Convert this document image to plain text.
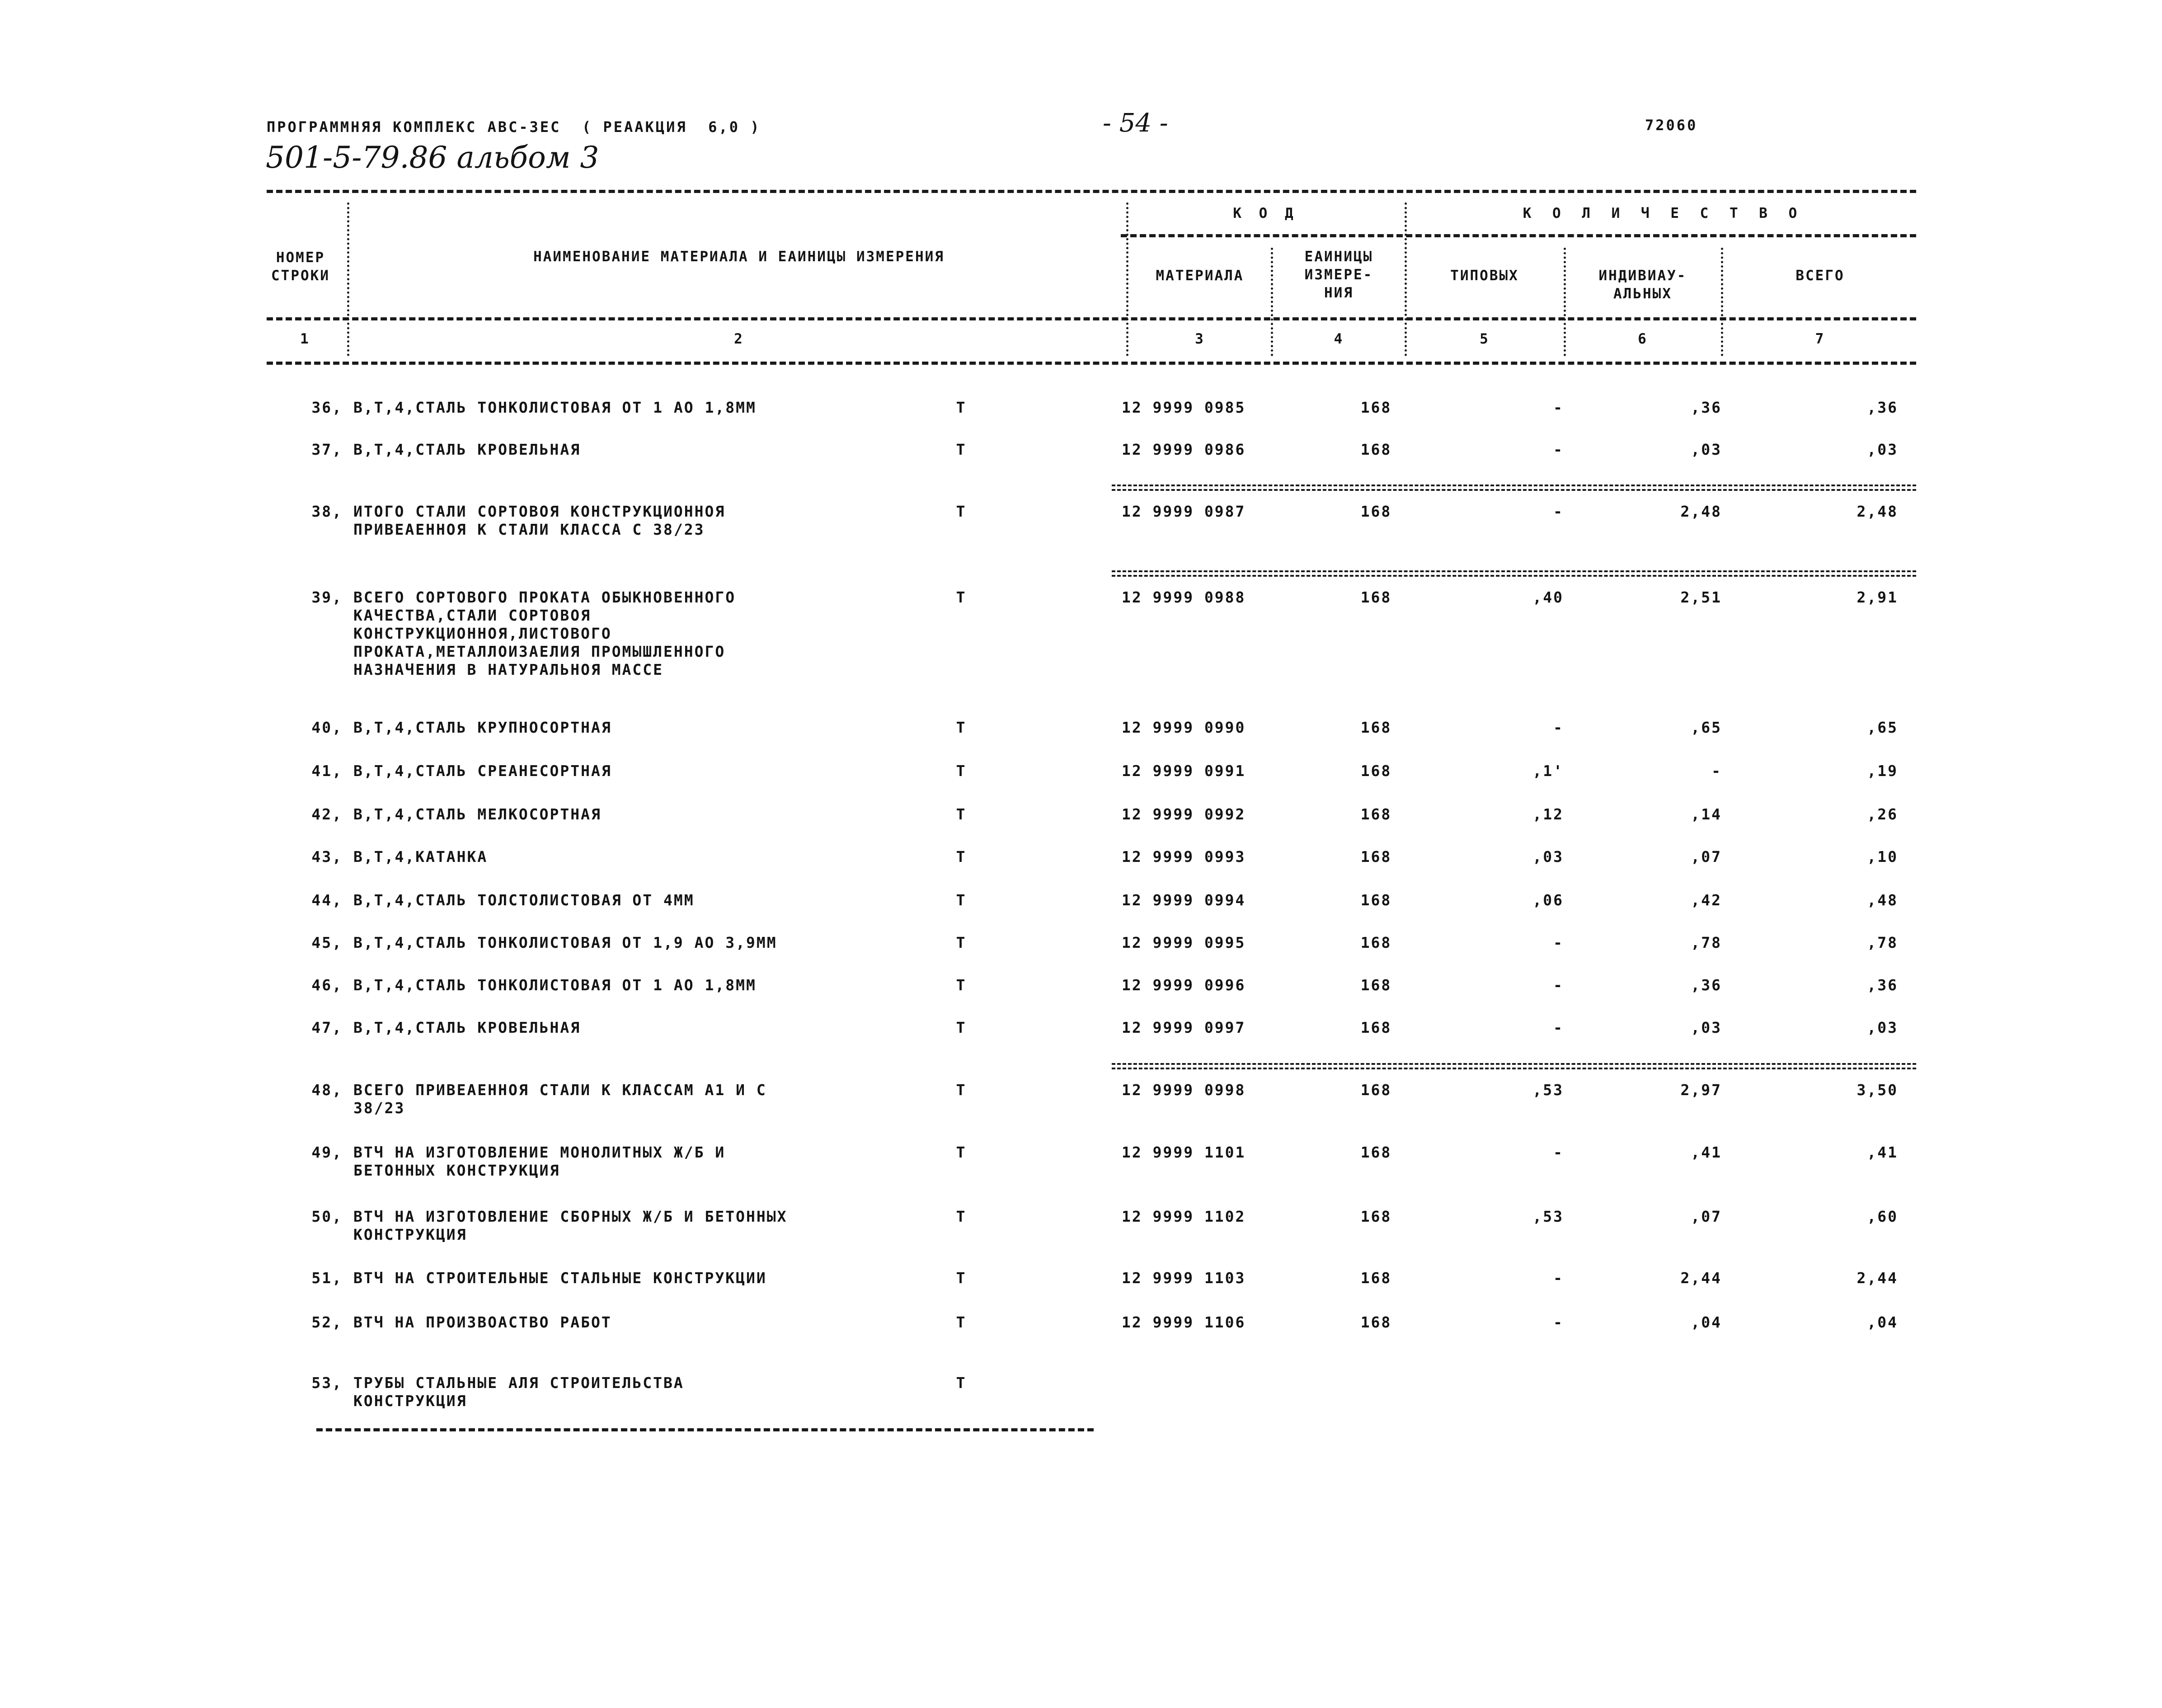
ПРОГРАММНЯЯ КОМПЛЕКС АВС-ЗЕС  ( РЕААКЦИЯ  6,0 )	- 54 -	72060
501-5-79.86 альбом 3
НОМЕР
СТРОКИ
НАИМЕНОВАНИЕ МАТЕРИАЛА И ЕАИНИЦЫ ИЗМЕРЕНИЯ
К О Д	К О Л И Ч Е С Т В О
МАТЕРИАЛА
ЕАИНИЦЫ
ИЗМЕРЕ-
НИЯ
ТИПОВЫХ	ИНДИВИАУ-
АЛЬНЫХ
ВСЕГО
1	2	3	4	5	6	7
36, В,Т,4,СТАЛЬ ТОНКОЛИСТОВАЯ ОТ 1 АО 1,8ММ	Т	12 9999 0985	168	-	,36	,36
37, В,Т,4,СТАЛЬ КРОВЕЛЬНАЯ	Т	12 9999 0986	168	-	,03	,03
38, ИТОГО СТАЛИ СОРТОВОЯ КОНСТРУКЦИОННОЯ
ПРИВЕАЕННОЯ К СТАЛИ КЛАССА С 38/23
Т	12 9999 0987	168	-	2,48	2,48
39, ВСЕГО СОРТОВОГО ПРОКАТА ОБЫКНОВЕННОГО
КАЧЕСТВА,СТАЛИ СОРТОВОЯ
КОНСТРУКЦИОННОЯ,ЛИСТОВОГО
ПРОКАТА,МЕТАЛЛОИЗАЕЛИЯ ПРОМЫШЛЕННОГО
НАЗНАЧЕНИЯ В НАТУРАЛЬНОЯ МАССЕ
Т	12 9999 0988	168	,40	2,51	2,91
40, В,Т,4,СТАЛЬ КРУПНОСОРТНАЯ	Т	12 9999 0990	168	-	,65	,65
41, В,Т,4,СТАЛЬ СРЕАНЕСОРТНАЯ	Т	12 9999 0991	168	,1'	-	,19
42, В,Т,4,СТАЛЬ МЕЛКОСОРТНАЯ	Т	12 9999 0992	168	,12	,14	,26
43, В,Т,4,КАТАНКА	Т	12 9999 0993	168	,03	,07	,10
44, В,Т,4,СТАЛЬ ТОЛСТОЛИСТОВАЯ ОТ 4ММ	Т	12 9999 0994	168	,06	,42	,48
45, В,Т,4,СТАЛЬ ТОНКОЛИСТОВАЯ ОТ 1,9 АО 3,9ММ	Т	12 9999 0995	168	-	,78	,78
46, В,Т,4,СТАЛЬ ТОНКОЛИСТОВАЯ ОТ 1 АО 1,8ММ	Т	12 9999 0996	168	-	,36	,36
47, В,Т,4,СТАЛЬ КРОВЕЛЬНАЯ	Т	12 9999 0997	168	-	,03	,03
48, ВСЕГО ПРИВЕАЕННОЯ СТАЛИ К КЛАССАМ А1 И С
38/23
Т	12 9999 0998	168	,53	2,97	3,50
49, ВТЧ НА ИЗГОТОВЛЕНИЕ МОНОЛИТНЫХ Ж/Б И
БЕТОННЫХ КОНСТРУКЦИЯ
Т	12 9999 1101	168	-	,41	,41
50, ВТЧ НА ИЗГОТОВЛЕНИЕ СБОРНЫХ Ж/Б И БЕТОННЫХ
КОНСТРУКЦИЯ
Т	12 9999 1102	168	,53	,07	,60
51, ВТЧ НА СТРОИТЕЛЬНЫЕ СТАЛЬНЫЕ КОНСТРУКЦИИ	Т	12 9999 1103	168	-	2,44	2,44
52, ВТЧ НА ПРОИЗВОАСТВО РАБОТ	Т	12 9999 1106	168	-	,04	,04
53, ТРУБЫ СТАЛЬНЫЕ АЛЯ СТРОИТЕЛЬСТВА
КОНСТРУКЦИЯ
Т
